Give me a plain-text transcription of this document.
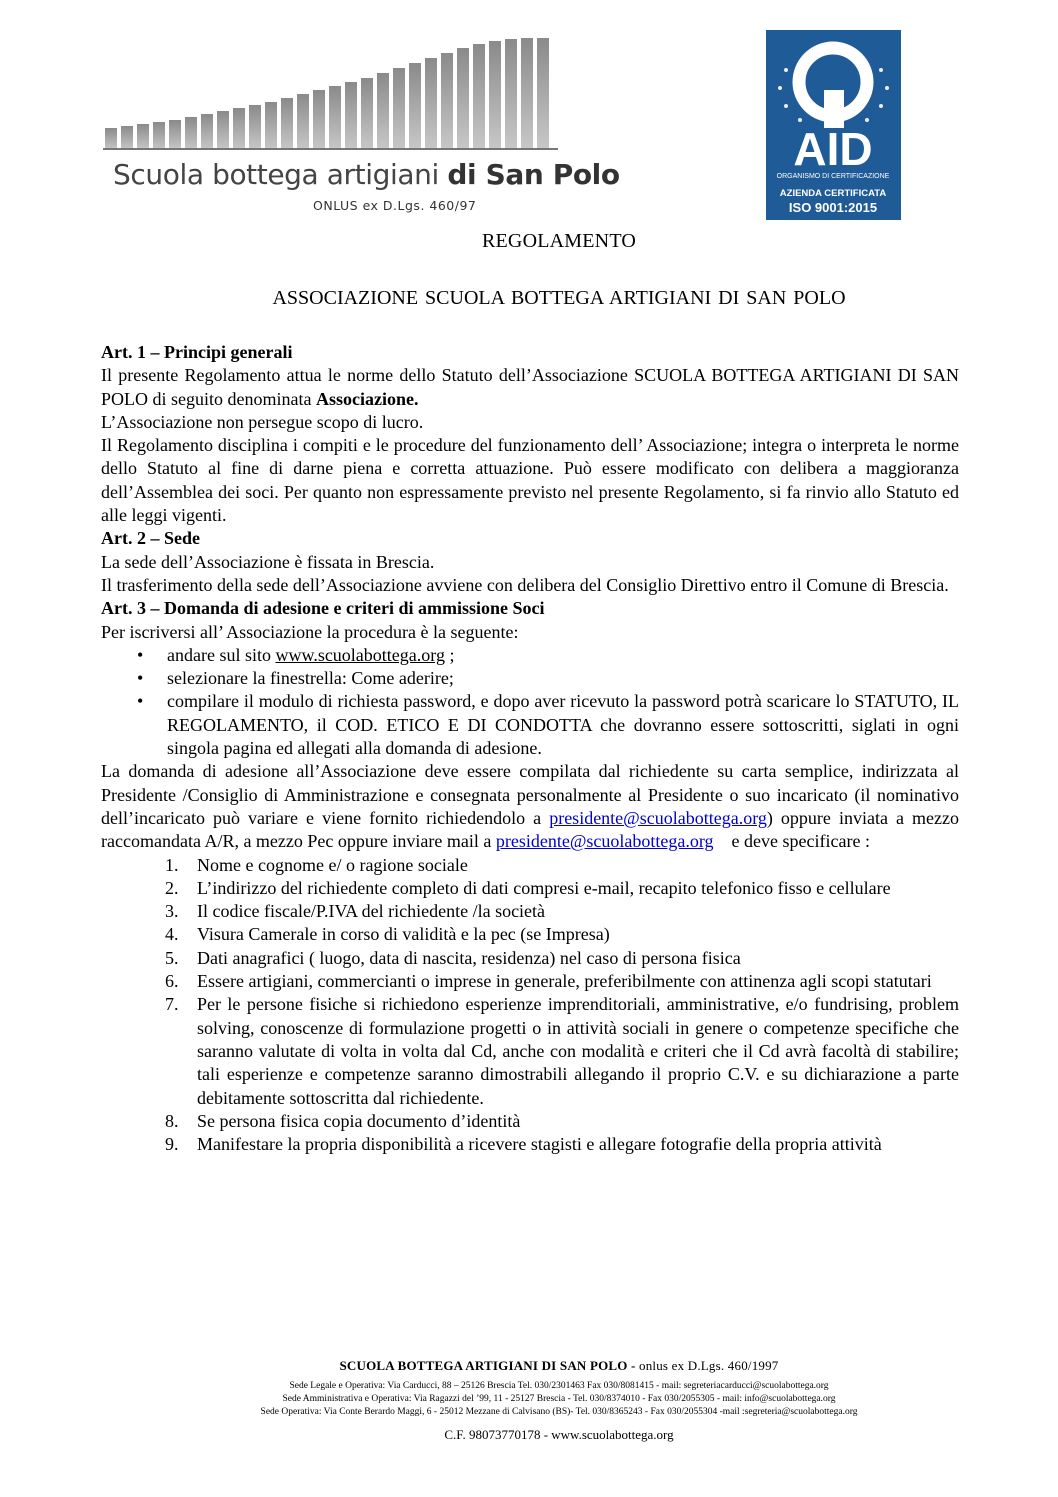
Scuola bottega artigiani di San Polo
ONLUS ex D.Lgs. 460/97
AID
ORGANISMO DI CERTIFICAZIONE
AZIENDA CERTIFICATA
ISO 9001:2015
REGOLAMENTO
ASSOCIAZIONE SCUOLA BOTTEGA ARTIGIANI DI SAN POLO

Art. 1 – Principi generali

Il presente Regolamento attua le norme dello Statuto dell’Associazione SCUOLA BOTTEGA ARTIGIANI DI SAN POLO di seguito denominata Associazione.

L’Associazione non persegue scopo di lucro.

Il Regolamento disciplina i compiti e le procedure del funzionamento dell’ Associazione; integra o interpreta le norme dello Statuto al fine di darne piena e corretta attuazione. Può essere modificato con delibera a maggioranza dell’Assemblea dei soci. Per quanto non espressamente previsto nel presente Regolamento, si fa rinvio allo Statuto ed alle leggi vigenti.

Art. 2 – Sede

La sede dell’Associazione è fissata in Brescia.

Il trasferimento della sede dell’Associazione avviene con delibera del Consiglio Direttivo entro il Comune di Brescia.

Art. 3 – Domanda di adesione e criteri di ammissione Soci

Per iscriversi all’ Associazione la procedura è la seguente:

• andare sul sito www.scuolabottega.org ;
• selezionare la finestrella: Come aderire;
• compilare il modulo di richiesta password, e dopo aver ricevuto la password potrà scaricare lo STATUTO, IL REGOLAMENTO, il COD. ETICO E DI CONDOTTA che dovranno essere sottoscritti, siglati in ogni singola pagina ed allegati alla domanda di adesione.

La domanda di adesione all’Associazione deve essere compilata dal richiedente su carta semplice, indirizzata al Presidente /Consiglio di Amministrazione e consegnata personalmente al Presidente o suo incaricato (il nominativo dell’incaricato può variare e viene fornito richiedendolo a presidente@scuolabottega.org) oppure inviata a mezzo raccomandata A/R, a mezzo Pec oppure inviare mail a presidente@scuolabottega.org    e deve specificare :

1. Nome e cognome e/ o ragione sociale
2. L’indirizzo del richiedente completo di dati compresi e-mail, recapito telefonico fisso e cellulare
3. Il codice fiscale/P.IVA del richiedente /la società
4. Visura Camerale in corso di validità e la pec (se Impresa)
5. Dati anagrafici ( luogo, data di nascita, residenza) nel caso di persona fisica
6. Essere artigiani, commercianti o imprese in generale, preferibilmente con attinenza agli scopi statutari
7. Per le persone fisiche si richiedono esperienze imprenditoriali, amministrative, e/o fundrising, problem solving, conoscenze di formulazione progetti o in attività sociali in genere o competenze specifiche che saranno valutate di volta in volta dal Cd, anche con modalità e criteri che il Cd avrà facoltà di stabilire; tali esperienze e competenze saranno dimostrabili allegando il proprio C.V. e su dichiarazione a parte debitamente sottoscritta dal richiedente.
8. Se persona fisica copia documento d’identità
9. Manifestare la propria disponibilità a ricevere stagisti e allegare fotografie della propria attività
SCUOLA BOTTEGA ARTIGIANI DI SAN POLO - onlus ex D.Lgs. 460/1997
Sede Legale e Operativa: Via Carducci, 88 – 25126 Brescia Tel. 030/2301463 Fax 030/8081415 - mail: segreteriacarducci@scuolabottega.org
Sede Amministrativa e Operativa: Via Ragazzi del ’99, 11 - 25127 Brescia - Tel. 030/8374010 - Fax 030/2055305 - mail: info@scuolabottega.org
Sede Operativa: Via Conte Berardo Maggi, 6 - 25012 Mezzane di Calvisano (BS)- Tel. 030/8365243 - Fax 030/2055304 -mail :segreteria@scuolabottega.org
C.F. 98073770178 - www.scuolabottega.org
